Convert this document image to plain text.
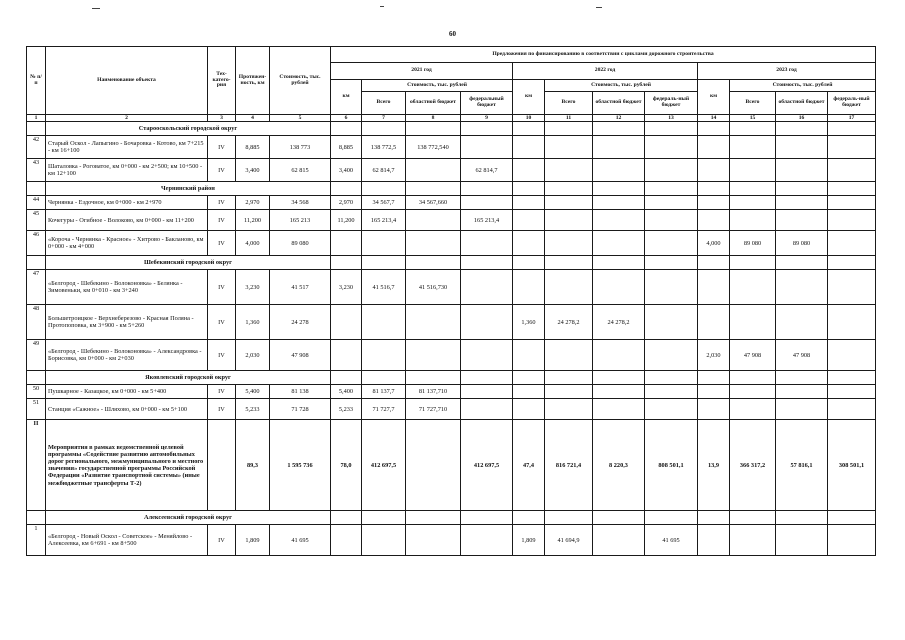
60
№ п/п	Наименование объекта	Тех-катего-рия	Протяжен-ность, км	Стоимость, тыс. рублей	Предложения по финансированию в соответствии с циклами дорожного строительства											
					2021 год				2022 год				2023 год			
					км	Стоимость, тыс. рублей			км	Стоимость, тыс. рублей			км	Стоимость, тыс. рублей		
						Всего	областной бюджет	федеральный бюджет		Всего	областной бюджет	федераль-ный бюджет		Всего	областной бюджет	федераль-ный бюджет
1	2	3	4	5	6	7	8	9	10	11	12	13	14	15	16	17
	Старооскольский городской округ															
42	Старый Оскол - Лапыгино - Бочаровка - Котово, км 7+215 - км 16+100	IV	8,885	138 773	8,885	138 772,5	138 772,540									
43	Шаталовка - Роговатое, км 0+000 - км 2+500; км 10+500 - км 12+100	IV	3,400	62 815	3,400	62 814,7		62 814,7								
	Чернянский район															
44	Чернянка - Ездочное, км 0+000 - км 2+970	IV	2,970	34 568	2,970	34 567,7	34 567,660									
45	Кочегуры - Огибное - Волоково, км 0+000 - км 11+200	IV	11,200	165 213	11,200	165 213,4		165 213,4								
46	«Короча - Чернянка - Красное» - Хитрово - Бакланово, км 0+000 - км 4+000	IV	4,000	89 080									4,000	89 080	89 080	
	Шебекинский городской округ															
47	«Белгород - Шебекино - Волоконовка» - Белянка - Зимовеньки, км 0+010 - км 3+240	IV	3,230	41 517	3,230	41 516,7	41 516,730									
48	Большетроицкое - Верхнеберезово - Красная Поляна - Протопоповка, км 3+900 - км 5+260	IV	1,360	24 278					1,360	24 278,2	24 278,2					
49	«Белгород - Шебекино - Волоконовка» - Александровка - Борисовка, км 0+000 - км 2+030	IV	2,030	47 908									2,030	47 908	47 908	
	Яковлевский городской округ															
50	Пушкарное - Казацкое, км 0+000 - км 5+400	IV	5,400	81 138	5,400	81 137,7	81 137,710									
51	Станция «Сажное» - Шляхово, км 0+000 - км 5+100	IV	5,233	71 728	5,233	71 727,7	71 727,710									
II	Мероприятия в рамках ведомственной целевой программы «Содействие развитию автомобильных дорог регионального, межмуниципального и местного значения» государственной программы Российской Федерации «Развитие транспортной системы» (иные межбюджетные трансферты Т-2)		89,3	1 595 736	78,0	412 697,5		412 697,5	47,4	816 721,4	8 220,3	808 501,1	13,9	366 317,2	57 816,1	308 501,1
	Алексеевский городской округ															
1	«Белгород - Новый Оскол - Советское» - Меняйлово - Алексеевка, км 6+691 - км 8+500	IV	1,809	41 695					1,809	41 694,9		41 695				
